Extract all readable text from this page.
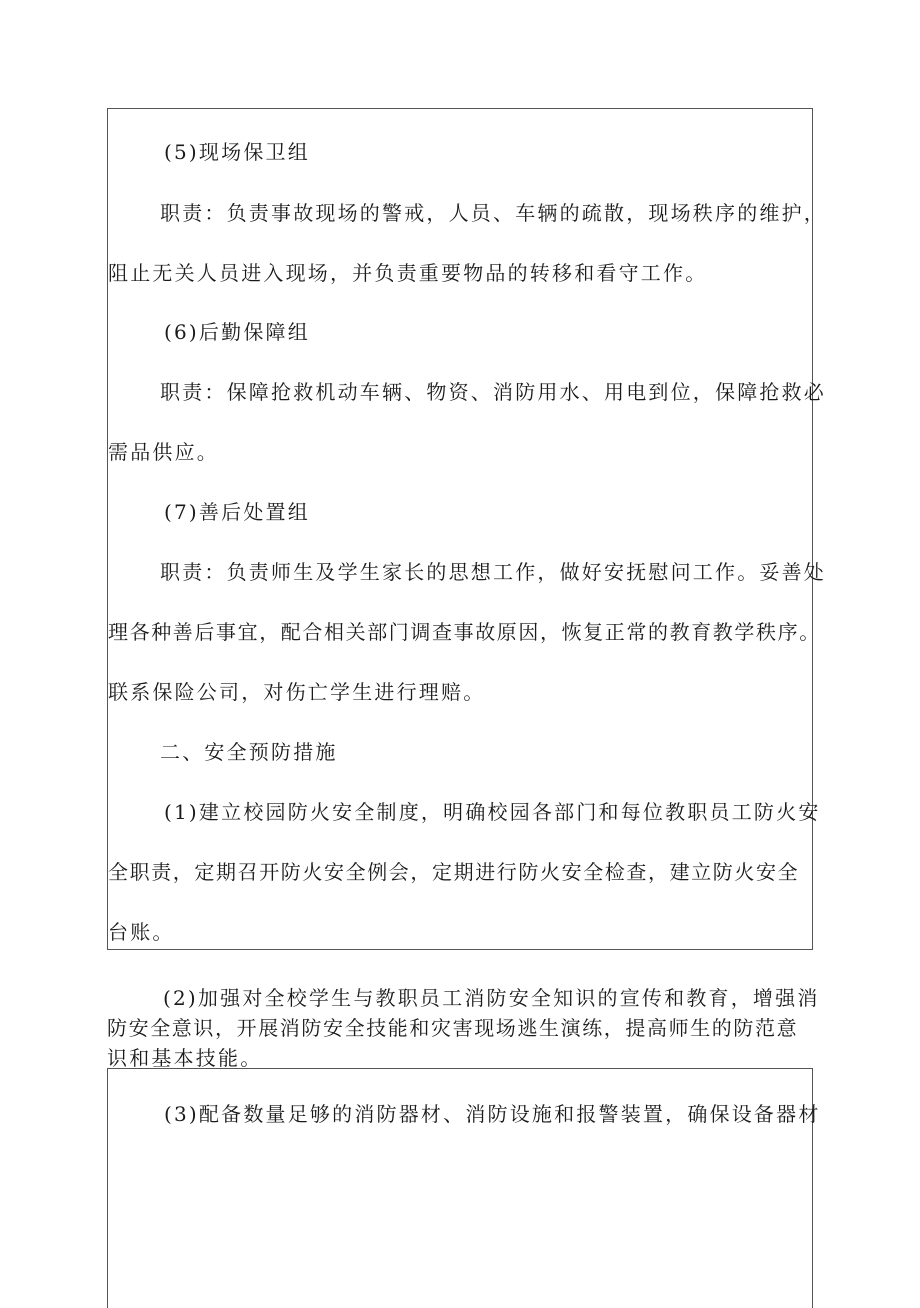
(5)现场保卫组
职责：负责事故现场的警戒，人员、车辆的疏散，现场秩序的维护，
阻止无关人员进入现场，并负责重要物品的转移和看守工作。
(6)后勤保障组
职责：保障抢救机动车辆、物资、消防用水、用电到位，保障抢救必
需品供应。
(7)善后处置组
职责：负责师生及学生家长的思想工作，做好安抚慰问工作。妥善处
理各种善后事宜，配合相关部门调查事故原因，恢复正常的教育教学秩序。
联系保险公司，对伤亡学生进行理赔。
二、安全预防措施
(1)建立校园防火安全制度，明确校园各部门和每位教职员工防火安
全职责，定期召开防火安全例会，定期进行防火安全检查，建立防火安全
台账。
(2)加强对全校学生与教职员工消防安全知识的宣传和教育，增强消
防安全意识，开展消防安全技能和灾害现场逃生演练，提高师生的防范意
识和基本技能。
(3)配备数量足够的消防器材、消防设施和报警装置，确保设备器材
